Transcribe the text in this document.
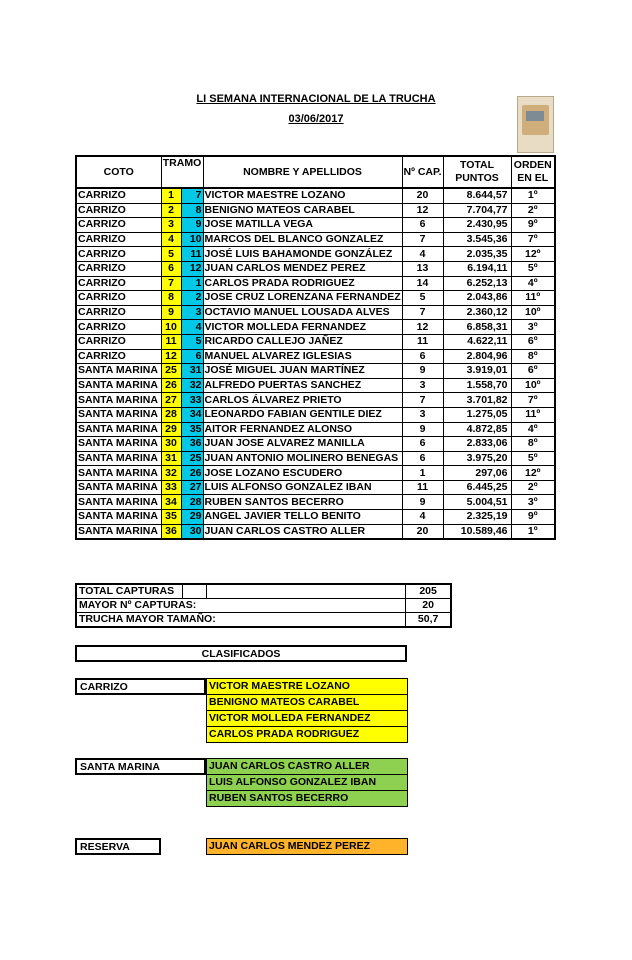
LI SEMANA INTERNACIONAL DE LA TRUCHA
03/06/2017
COTO	TRAMO		NOMBRE Y APELLIDOS	Nº CAP.	TOTAL PUNTOS	ORDEN EN EL
CARRIZO	1	7	VICTOR MAESTRE LOZANO	20	8.644,57	1º
CARRIZO	2	8	BENIGNO MATEOS CARABEL	12	7.704,77	2º
CARRIZO	3	9	JOSE MATILLA VEGA	6	2.430,95	9º
CARRIZO	4	10	MARCOS DEL BLANCO GONZALEZ	7	3.545,36	7º
CARRIZO	5	11	JOSÉ LUIS BAHAMONDE GONZÁLEZ	4	2.035,35	12º
CARRIZO	6	12	JUAN CARLOS MENDEZ PEREZ	13	6.194,11	5º
CARRIZO	7	1	CARLOS PRADA RODRIGUEZ	14	6.252,13	4º
CARRIZO	8	2	JOSE CRUZ LORENZANA FERNANDEZ	5	2.043,86	11º
CARRIZO	9	3	OCTAVIO MANUEL LOUSADA ALVES	7	2.360,12	10º
CARRIZO	10	4	VICTOR MOLLEDA FERNANDEZ	12	6.858,31	3º
CARRIZO	11	5	RICARDO CALLEJO JAÑEZ	11	4.622,11	6º
CARRIZO	12	6	MANUEL ALVAREZ IGLESIAS	6	2.804,96	8º
SANTA MARINA	25	31	JOSÉ MIGUEL JUAN MARTÍNEZ	9	3.919,01	6º
SANTA MARINA	26	32	ALFREDO PUERTAS SANCHEZ	3	1.558,70	10º
SANTA MARINA	27	33	CARLOS ÁLVAREZ PRIETO	7	3.701,82	7º
SANTA MARINA	28	34	LEONARDO FABIAN GENTILE DIEZ	3	1.275,05	11º
SANTA MARINA	29	35	AITOR FERNANDEZ ALONSO	9	4.872,85	4º
SANTA MARINA	30	36	JUAN JOSE ALVAREZ MANILLA	6	2.833,06	8º
SANTA MARINA	31	25	JUAN ANTONIO MOLINERO BENEGAS	6	3.975,20	5º
SANTA MARINA	32	26	JOSE LOZANO ESCUDERO	1	297,06	12º
SANTA MARINA	33	27	LUIS ALFONSO GONZALEZ IBAN	11	6.445,25	2º
SANTA MARINA	34	28	RUBEN SANTOS BECERRO	9	5.004,51	3º
SANTA MARINA	35	29	ANGEL JAVIER TELLO BENITO	4	2.325,19	9º
SANTA MARINA	36	30	JUAN CARLOS CASTRO ALLER	20	10.589,46	1º
TOTAL CAPTURAS			205
MAYOR Nº CAPTURAS:			20
TRUCHA MAYOR TAMAÑO:			50,7
CLASIFICADOS
CARRIZO	VICTOR MAESTRE LOZANO
BENIGNO MATEOS CARABEL
VICTOR MOLLEDA FERNANDEZ
CARLOS PRADA RODRIGUEZ
SANTA MARINA	JUAN CARLOS CASTRO ALLER
LUIS ALFONSO GONZALEZ IBAN
RUBEN SANTOS BECERRO
RESERVA	JUAN CARLOS MENDEZ PEREZ
